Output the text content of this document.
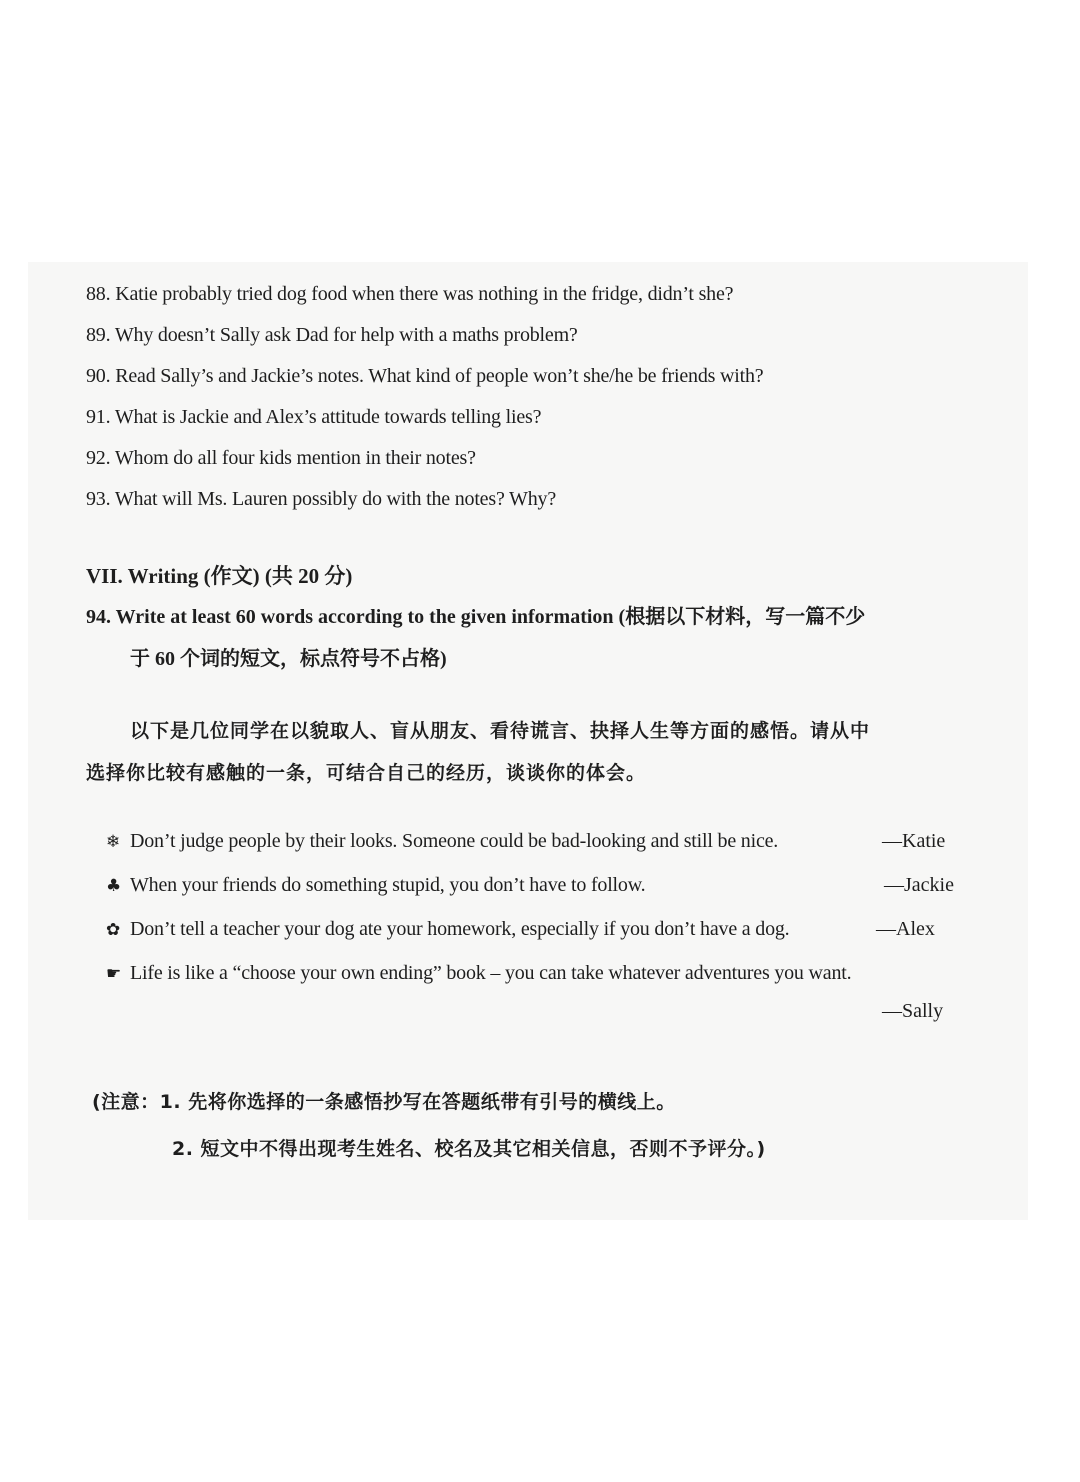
88. Katie probably tried dog food when there was nothing in the fridge, didn’t she?
89. Why doesn’t Sally ask Dad for help with a maths problem?
90. Read Sally’s and Jackie’s notes. What kind of people won’t she/he be friends with?
91. What is Jackie and Alex’s attitude towards telling lies?
92. Whom do all four kids mention in their notes?
93. What will Ms. Lauren possibly do with the notes? Why?
VII. Writing (作文) (共 20 分)
94. Write at least 60 words according to the given information (根据以下材料，写一篇不少
于 60 个词的短文，标点符号不占格)
以下是几位同学在以貌取人、盲从朋友、看待谎言、抉择人生等方面的感悟。请从中
选择你比较有感触的一条，可结合自己的经历，谈谈你的体会。
❄ Don’t judge people by their looks. Someone could be bad-looking and still be nice.	—Katie
♣ When your friends do something stupid, you don’t have to follow.	—Jackie
✿ Don’t tell a teacher your dog ate your homework, especially if you don’t have a dog.	—Alex
☛ Life is like a “choose your own ending” book – you can take whatever adventures you want.
—Sally
(注意：1. 先将你选择的一条感悟抄写在答题纸带有引号的横线上。
2. 短文中不得出现考生姓名、校名及其它相关信息，否则不予评分。)
